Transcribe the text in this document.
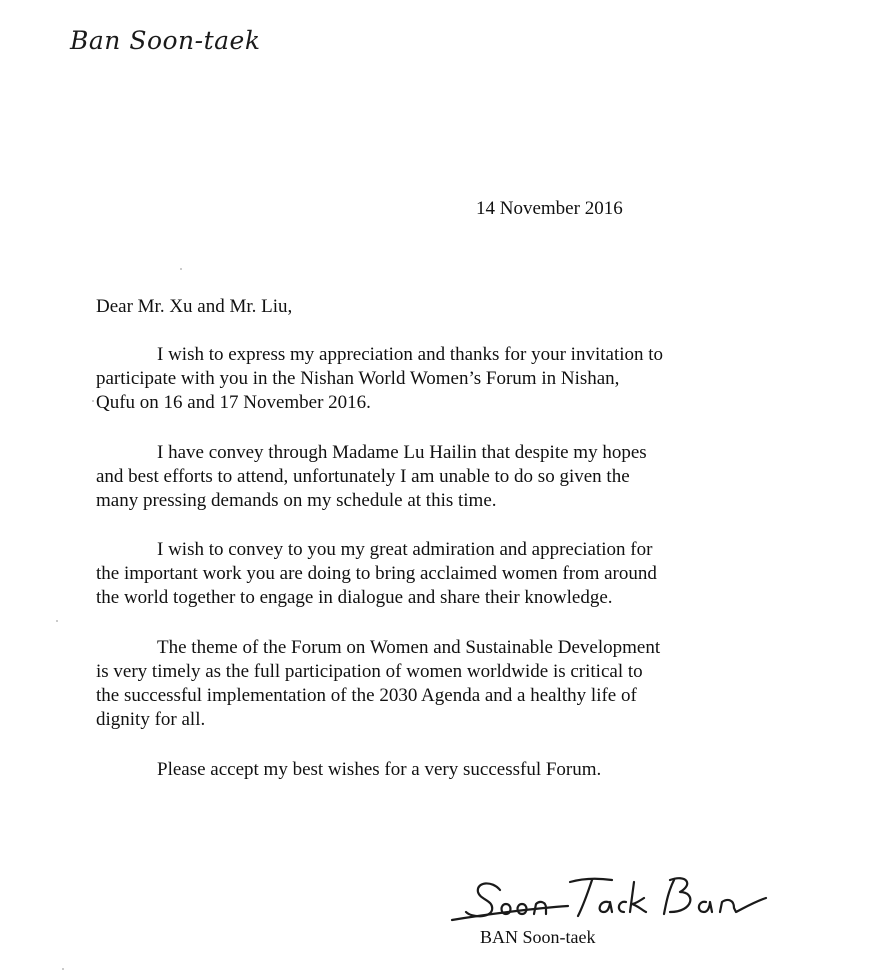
Ban Soon-taek
14 November 2016
Dear Mr. Xu and Mr. Liu,

I wish to express my appreciation and thanks for your invitation to
participate with you in the Nishan World Women’s Forum in Nishan,
Qufu on 16 and 17 November 2016.

I have convey through Madame Lu Hailin that despite my hopes
and best efforts to attend, unfortunately I am unable to do so given the
many pressing demands on my schedule at this time.

I wish to convey to you my great admiration and appreciation for
the important work you are doing to bring acclaimed women from around
the world together to engage in dialogue and share their knowledge.

The theme of the Forum on Women and Sustainable Development
is very timely as the full participation of women worldwide is critical to
the successful implementation of the 2030 Agenda and a healthy life of
dignity for all.

Please accept my best wishes for a very successful Forum.

BAN Soon-taek
